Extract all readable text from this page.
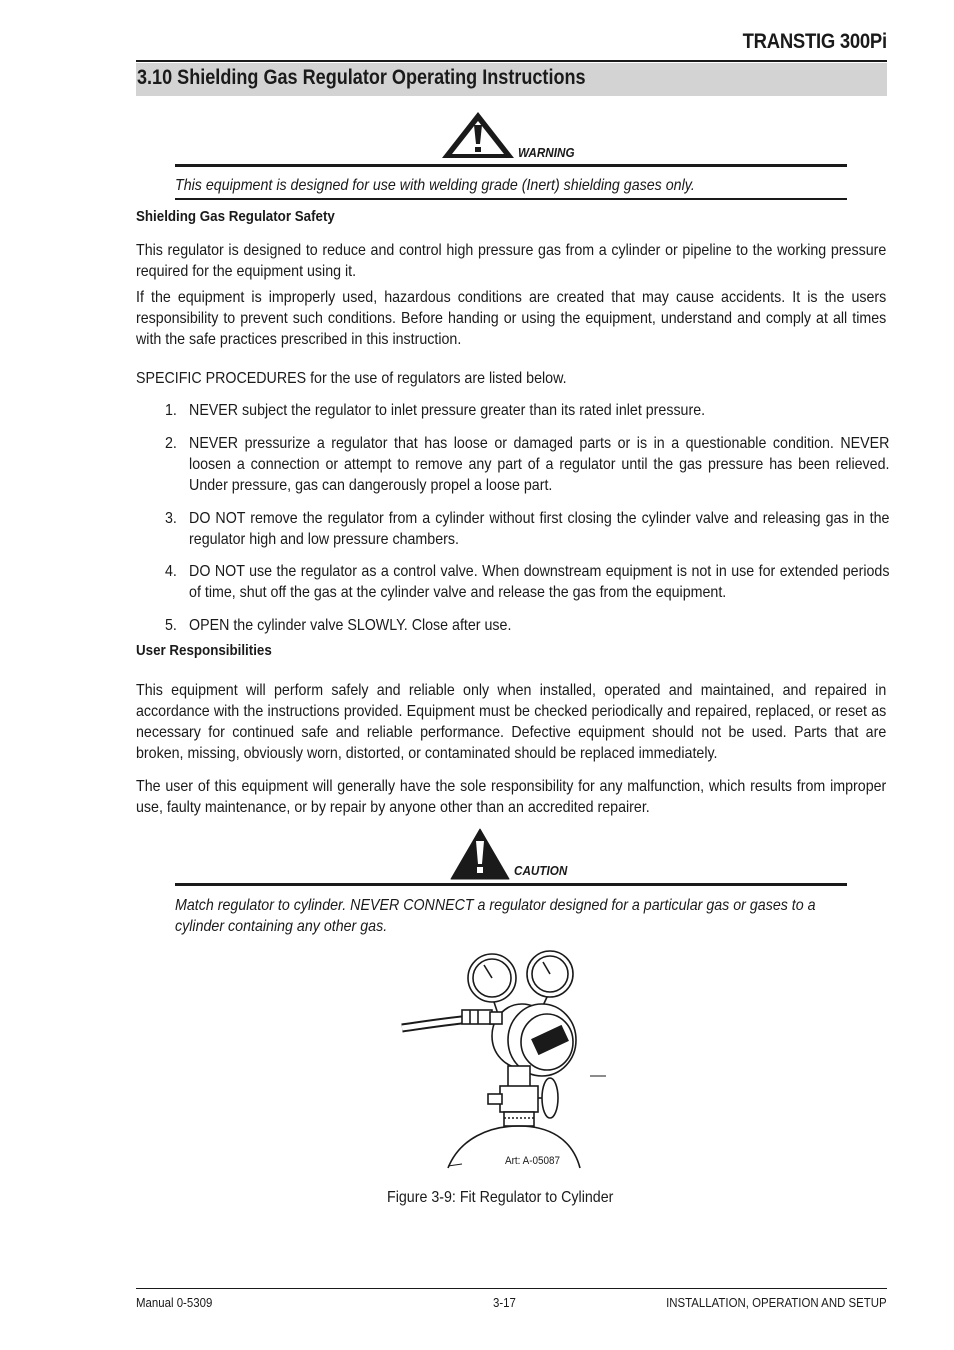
TRANSTIG 300Pi
3.10 Shielding Gas Regulator Operating Instructions
WARNING
This equipment is designed for use with welding grade (Inert) shielding gases only.
Shielding Gas Regulator Safety
This regulator is designed to reduce and control high pressure gas from a cylinder or pipeline to the working pressure required for the equipment using it.
If the equipment is improperly used, hazardous conditions are created that may cause accidents. It is the users responsibility to prevent such conditions. Before handing or using the equipment, understand and comply at all times with the safe practices prescribed in this instruction.
SPECIFIC PROCEDURES for the use of regulators are listed below.
1. NEVER subject the regulator to inlet pressure greater than its rated inlet pressure.
2. NEVER pressurize a regulator that has loose or damaged parts or is in a questionable condition. NEVER loosen a connection or attempt to remove any part of a regulator until the gas pressure has been relieved. Under pressure, gas can dangerously propel a loose part.
3. DO NOT remove the regulator from a cylinder without first closing the cylinder valve and releasing gas in the regulator high and low pressure chambers.
4. DO NOT use the regulator as a control valve. When downstream equipment is not in use for extended periods of time, shut off the gas at the cylinder valve and release the gas from the equipment.
5. OPEN the cylinder valve SLOWLY. Close after use.
User Responsibilities
This equipment will perform safely and reliable only when installed, operated and maintained, and repaired in accordance with the instructions provided. Equipment must be checked periodically and repaired, replaced, or reset as necessary for continued safe and reliable performance. Defective equipment should not be used. Parts that are broken, missing, obviously worn, distorted, or contaminated should be replaced immediately.
The user of this equipment will generally have the sole responsibility for any malfunction, which results from improper use, faulty maintenance, or by repair by anyone other than an accredited repairer.
CAUTION
Match regulator to cylinder. NEVER CONNECT a regulator designed for a particular gas or gases to a cylinder containing any other gas.
Art: A-05087
Figure 3-9: Fit Regulator to Cylinder
Manual 0-5309	3-17	INSTALLATION, OPERATION AND SETUP
